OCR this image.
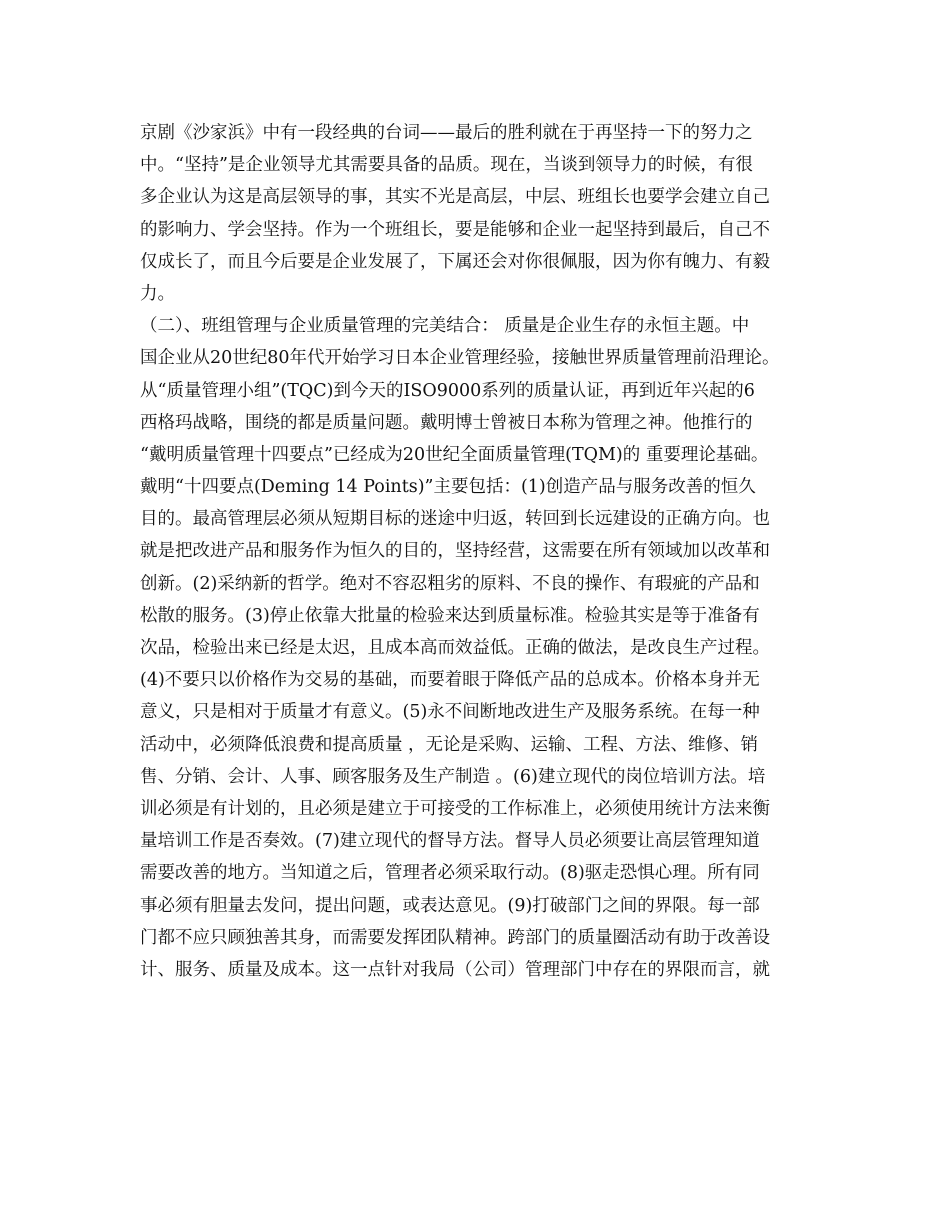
京剧《沙家浜》中有一段经典的台词——最后的胜利就在于再坚持一下的努力之
中。“坚持”是企业领导尤其需要具备的品质。现在，当谈到领导力的时候，有很
多企业认为这是高层领导的事，其实不光是高层，中层、班组长也要学会建立自己
的影响力、学会坚持。作为一个班组长，要是能够和企业一起坚持到最后，自己不
仅成长了，而且今后要是企业发展了，下属还会对你很佩服，因为你有魄力、有毅
力。
（二）、班组管理与企业质量管理的完美结合： 质量是企业生存的永恒主题。中
国企业从20世纪80年代开始学习日本企业管理经验，接触世界质量管理前沿理论。
从“质量管理小组”(TQC)到今天的ISO9000系列的质量认证，再到近年兴起的6
西格玛战略，围绕的都是质量问题。戴明博士曾被日本称为管理之神。他推行的
“戴明质量管理十四要点”已经成为20世纪全面质量管理(TQM)的 重要理论基础。
戴明“十四要点(Deming 14 Points)”主要包括：(1)创造产品与服务改善的恒久
目的。最高管理层必须从短期目标的迷途中归返，转回到长远建设的正确方向。也
就是把改进产品和服务作为恒久的目的，坚持经营，这需要在所有领域加以改革和
创新。(2)采纳新的哲学。绝对不容忍粗劣的原料、不良的操作、有瑕疵的产品和
松散的服务。(3)停止依靠大批量的检验来达到质量标准。检验其实是等于准备有
次品，检验出来已经是太迟，且成本高而效益低。正确的做法，是改良生产过程。
(4)不要只以价格作为交易的基础，而要着眼于降低产品的总成本。价格本身并无
意义，只是相对于质量才有意义。(5)永不间断地改进生产及服务系统。在每一种
活动中，必须降低浪费和提高质量 ，无论是采购、运输、工程、方法、维修、销
售、分销、会计、人事、顾客服务及生产制造 。(6)建立现代的岗位培训方法。培
训必须是有计划的，且必须是建立于可接受的工作标准上，必须使用统计方法来衡
量培训工作是否奏效。(7)建立现代的督导方法。督导人员必须要让高层管理知道
需要改善的地方。当知道之后，管理者必须采取行动。(8)驱走恐惧心理。所有同
事必须有胆量去发问，提出问题，或表达意见。(9)打破部门之间的界限。每一部
门都不应只顾独善其身，而需要发挥团队精神。跨部门的质量圈活动有助于改善设
计、服务、质量及成本。这一点针对我局（公司）管理部门中存在的界限而言，就
